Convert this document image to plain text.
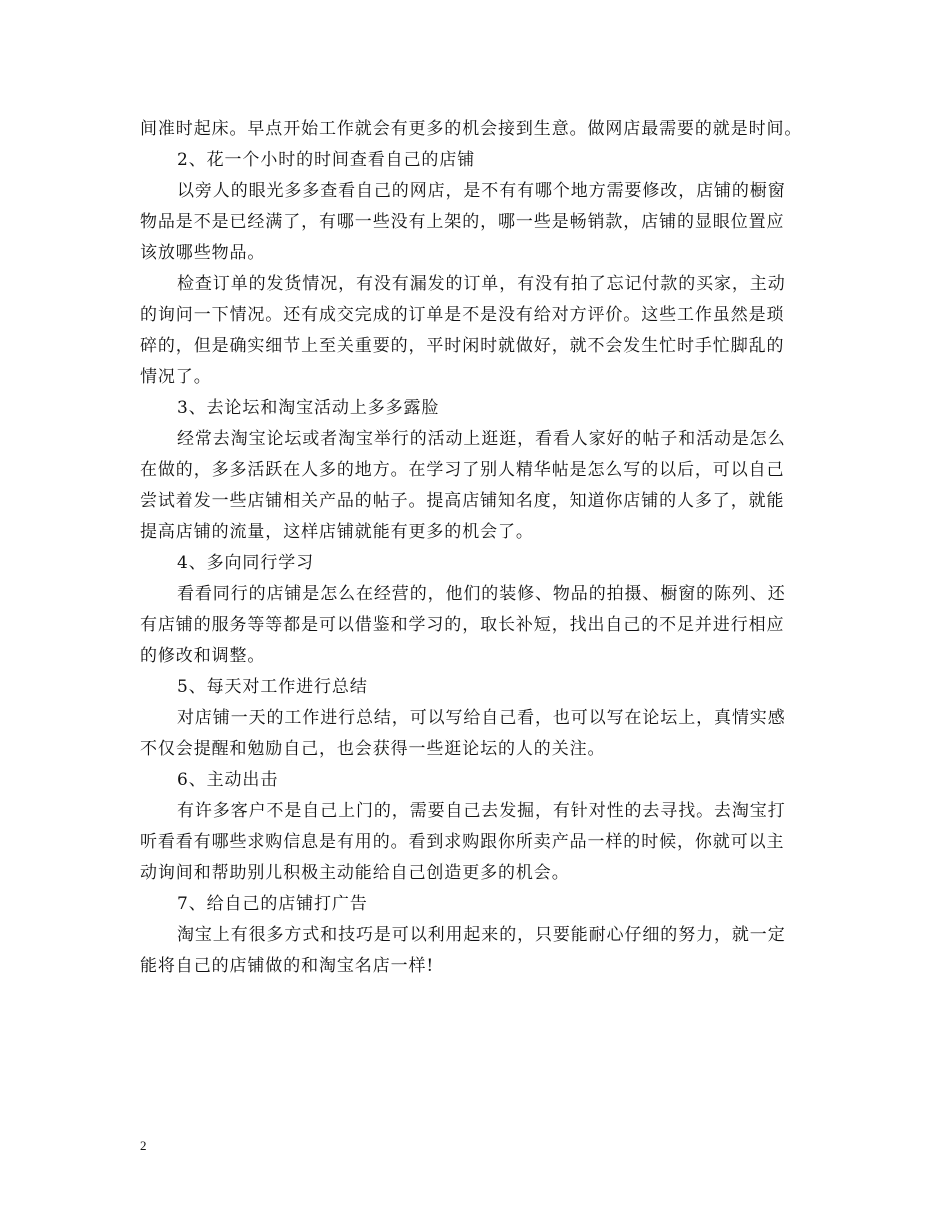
间准时起床。早点开始工作就会有更多的机会接到生意。做网店最需要的就是时间。
2、花一个小时的时间查看自己的店铺
以旁人的眼光多多查看自己的网店，是不有有哪个地方需要修改，店铺的橱窗
物品是不是已经满了，有哪一些没有上架的，哪一些是畅销款，店铺的显眼位置应
该放哪些物品。
检查订单的发货情况，有没有漏发的订单，有没有拍了忘记付款的买家，主动
的询问一下情况。还有成交完成的订单是不是没有给对方评价。这些工作虽然是琐
碎的，但是确实细节上至关重要的，平时闲时就做好，就不会发生忙时手忙脚乱的
情况了。
3、去论坛和淘宝活动上多多露脸
经常去淘宝论坛或者淘宝举行的活动上逛逛，看看人家好的帖子和活动是怎么
在做的，多多活跃在人多的地方。在学习了别人精华帖是怎么写的以后，可以自己
尝试着发一些店铺相关产品的帖子。提高店铺知名度，知道你店铺的人多了，就能
提高店铺的流量，这样店铺就能有更多的机会了。
4、多向同行学习
看看同行的店铺是怎么在经营的，他们的装修、物品的拍摄、橱窗的陈列、还
有店铺的服务等等都是可以借鉴和学习的，取长补短，找出自己的不足并进行相应
的修改和调整。
5、每天对工作进行总结
对店铺一天的工作进行总结，可以写给自己看，也可以写在论坛上，真情实感
不仅会提醒和勉励自己，也会获得一些逛论坛的人的关注。
6、主动出击
有许多客户不是自己上门的，需要自己去发掘，有针对性的去寻找。去淘宝打
听看看有哪些求购信息是有用的。看到求购跟你所卖产品一样的时候，你就可以主
动询间和帮助别儿积极主动能给自己创造更多的机会。
7、给自己的店铺打广告
淘宝上有很多方式和技巧是可以利用起来的，只要能耐心仔细的努力，就一定
能将自己的店铺做的和淘宝名店一样!
2
